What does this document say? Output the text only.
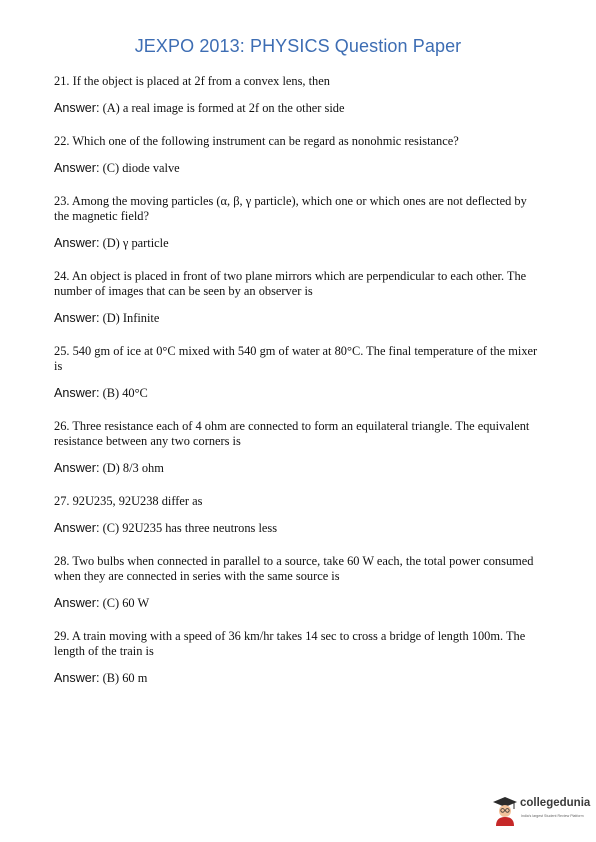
JEXPO 2013: PHYSICS Question Paper

21. If the object is placed at 2f from a convex lens, then

Answer: (A) a real image is formed at 2f on the other side

22. Which one of the following instrument can be regard as nonohmic resistance?

Answer: (C) diode valve

23. Among the moving particles (α, β, γ particle), which one or which ones are not deflected by the magnetic field?

Answer: (D) γ particle

24. An object is placed in front of two plane mirrors which are perpendicular to each other. The number of images that can be seen by an observer is

Answer: (D) Infinite

25. 540 gm of ice at 0°C mixed with 540 gm of water at 80°C. The final temperature of the mixer is

Answer: (B) 40°C

26. Three resistance each of 4 ohm are connected to form an equilateral triangle. The equivalent resistance between any two corners is

Answer: (D) 8/3 ohm

27. 92U235, 92U238 differ as

Answer: (C) 92U235 has three neutrons less

28. Two bulbs when connected in parallel to a source, take 60 W each, the total power consumed when they are connected in series with the same source is

Answer: (C) 60 W

29. A train moving with a speed of 36 km/hr takes 14 sec to cross a bridge of length 100m. The length of the train is

Answer: (B) 60 m

collegedunia
India's largest Student Review Platform
